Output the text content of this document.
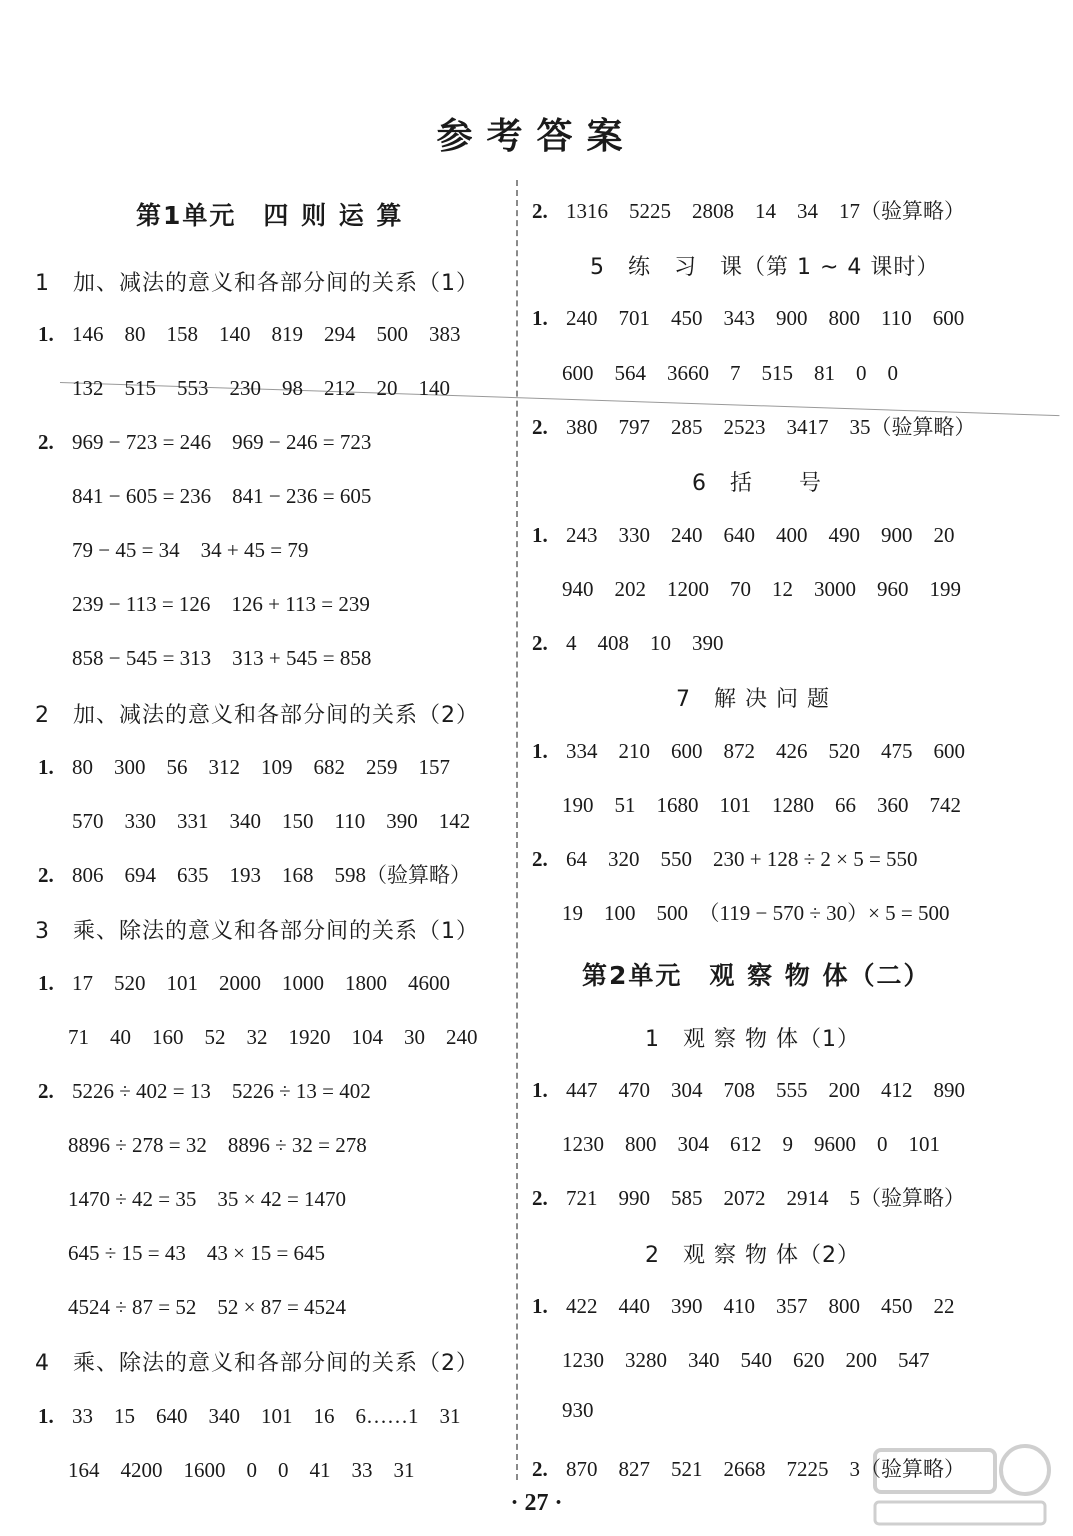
参考答案
第1单元　四 则 运 算
1　加、减法的意义和各部分间的关系（1）
1. 146　80　158　140　819　294　500　383
132　515　553　230　98　212　20　140
2. 969 − 723 = 246　969 − 246 = 723
841 − 605 = 236　841 − 236 = 605
79 − 45 = 34　34 + 45 = 79
239 − 113 = 126　126 + 113 = 239
858 − 545 = 313　313 + 545 = 858
2　加、减法的意义和各部分间的关系（2）
1. 80　300　56　312　109　682　259　157
570　330　331　340　150　110　390　142
2. 806　694　635　193　168　598（验算略）
3　乘、除法的意义和各部分间的关系（1）
1. 17　520　101　2000　1000　1800　4600
71　40　160　52　32　1920　104　30　240
2. 5226 ÷ 402 = 13　5226 ÷ 13 = 402
8896 ÷ 278 = 32　8896 ÷ 32 = 278
1470 ÷ 42 = 35　35 × 42 = 1470
645 ÷ 15 = 43　43 × 15 = 645
4524 ÷ 87 = 52　52 × 87 = 4524
4　乘、除法的意义和各部分间的关系（2）
1. 33　15　640　340　101　16　6……1　31
164　4200　1600　0　0　41　33　31
2. 1316　5225　2808　14　34　17（验算略）
5　练　习　课（第 1 ~ 4 课时）
1. 240　701　450　343　900　800　110　600
600　564　3660　7　515　81　0　0
2. 380　797　285　2523　3417　35（验算略）
6　括　　号
1. 243　330　240　640　400　490　900　20
940　202　1200　70　12　3000　960　199
2. 4　408　10　390
7　解 决 问 题
1. 334　210　600　872　426　520　475　600
190　51　1680　101　1280　66　360　742
2. 64　320　550　230 + 128 ÷ 2 × 5 = 550
19　100　500　（119 − 570 ÷ 30）× 5 = 500
第2单元　观 察 物 体（二）
1　观 察 物 体（1）
1. 447　470　304　708　555　200　412　890
1230　800　304　612　9　9600　0　101
2. 721　990　585　2072　2914　5（验算略）
2　观 察 物 体（2）
1. 422　440　390　410　357　800　450　22
1230　3280　340　540　620　200　547
930
2. 870　827　521　2668　7225　3（验算略）
· 27 ·
